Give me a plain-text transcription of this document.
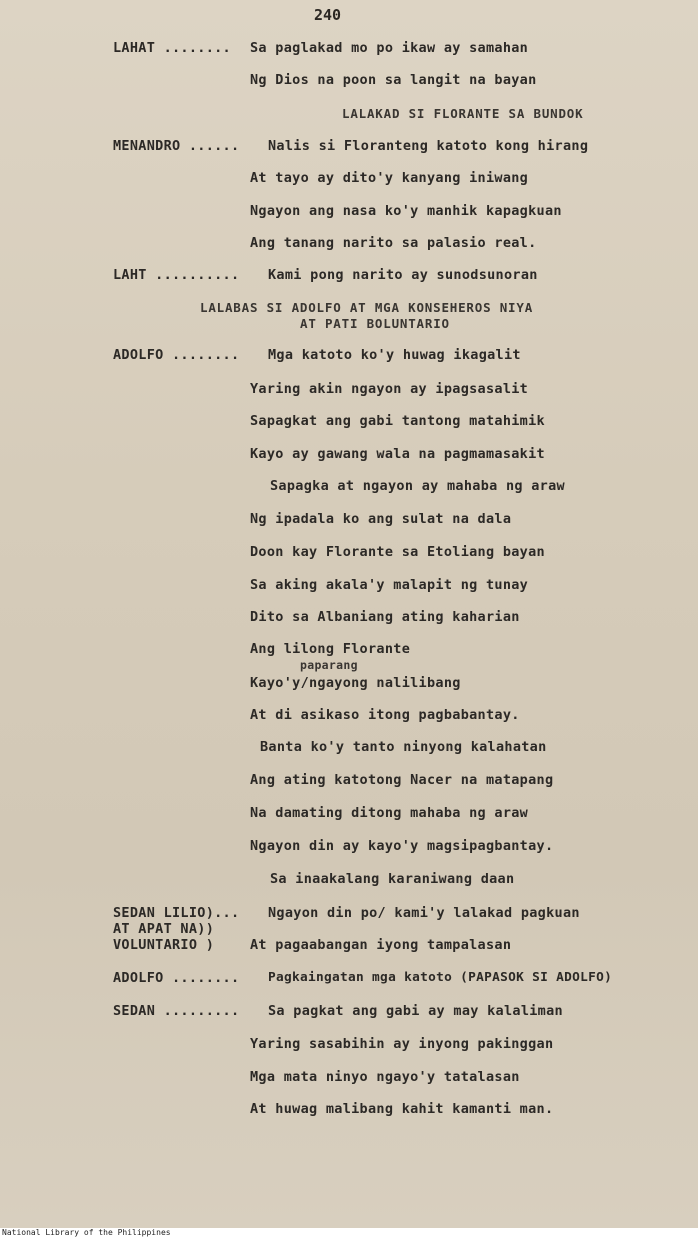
240
LAHAT ........ Sa paglakad mo po ikaw ay samahan
Ng Dios na poon sa langit na bayan
LALAKAD SI FLORANTE SA BUNDOK
MENANDRO ...... Nalis si Floranteng katoto kong hirang
At tayo ay dito'y kanyang iniwang
Ngayon ang nasa ko'y manhik kapagkuan
Ang tanang narito sa palasio real.
LAHT .......... Kami pong narito ay sunodsunoran
LALABAS SI ADOLFO AT MGA KONSEHEROS NIYA
AT PATI BOLUNTARIO
ADOLFO ........ Mga katoto ko'y huwag ikagalit
Yaring akin ngayon ay ipagsasalit
Sapagkat ang gabi tantong matahimik
Kayo ay gawang wala na pagmamasakit
Sapagka at ngayon ay mahaba ng araw
Ng ipadala ko ang sulat na dala
Doon kay Florante sa Etoliang bayan
Sa aking akala'y malapit ng tunay
Dito sa Albaniang ating kaharian
Ang lilong Florante
paparang
Kayo'y/ngayong nalilibang
At di asikaso itong pagbabantay.
Banta ko'y tanto ninyong kalahatan
Ang ating katotong Nacer na matapang
Na damating ditong mahaba ng araw
Ngayon din ay kayo'y magsipagbantay.
Sa inaakalang karaniwang daan
SEDAN LILIO)... Ngayon din po/ kami'y lalakad pagkuan
AT APAT NA))
VOLUNTARIO )	At pagaabangan iyong tampalasan
ADOLFO ........ Pagkaingatan mga katoto (PAPASOK SI ADOLFO)
SEDAN ......... Sa pagkat ang gabi ay may kalaliman
Yaring sasabihin ay inyong pakinggan
Mga mata ninyo ngayo'y tatalasan
At huwag malibang kahit kamanti man.
National Library of the Philippines
